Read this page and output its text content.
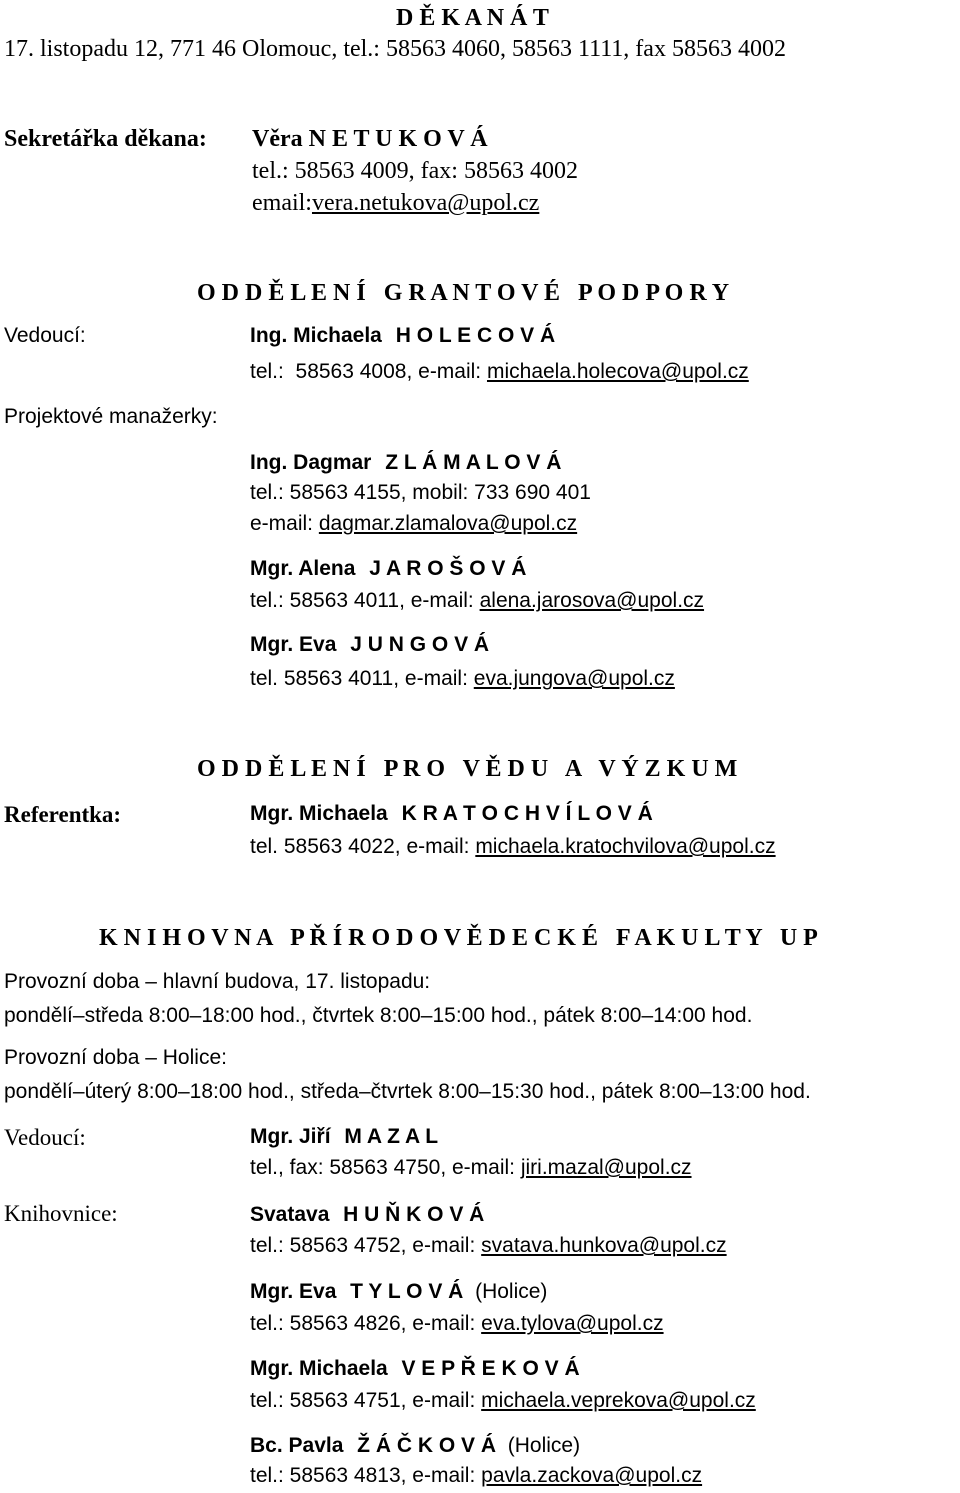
D Ě K A N Á T
17. listopadu 12, 771 46 Olomouc, tel.: 58563 4060, 58563 1111, fax 58563 4002
Sekretářka děkana: Věra N E T U K O V Á
tel.: 58563 4009, fax: 58563 4002
email:vera.netukova@upol.cz
O D D Ě L E N Í   G R A N T O V É   P O D P O R Y
Vedoucí:	Ing. Michaela H O L E C O V Á
tel.:  58563 4008, e-mail: michaela.holecova@upol.cz
Projektové manažerky:
Ing. Dagmar Z L Á M A L O V Á
tel.: 58563 4155, mobil: 733 690 401
e-mail: dagmar.zlamalova@upol.cz
Mgr. Alena J A R O Š O V Á
tel.: 58563 4011, e-mail: alena.jarosova@upol.cz
Mgr. Eva J U N G O V Á
tel. 58563 4011, e-mail: eva.jungova@upol.cz
O D D Ě L E N Í   P R O   V Ě D U   A   V Ý Z K U M
Referentka:	Mgr. Michaela K R A T O C H V Í L O V Á
tel. 58563 4022, e-mail: michaela.kratochvilova@upol.cz
K N I H O V N A   P Ř Í R O D O V Ě D E C K É   F A K U L T Y   U P
Provozní doba – hlavní budova, 17. listopadu:
pondělí–středa 8:00–18:00 hod., čtvrtek 8:00–15:00 hod., pátek 8:00–14:00 hod.
Provozní doba – Holice:
pondělí–úterý 8:00–18:00 hod., středa–čtvrtek 8:00–15:30 hod., pátek 8:00–13:00 hod.
Vedoucí:	Mgr. Jiří M A Z A L
tel., fax: 58563 4750, e-mail: jiri.mazal@upol.cz
Knihovnice:	Svatava H U Ň K O V Á
tel.: 58563 4752, e-mail: svatava.hunkova@upol.cz
Mgr. Eva T Y L O V Á (Holice)
tel.: 58563 4826, e-mail: eva.tylova@upol.cz
Mgr. Michaela V E P Ř E K O V Á
tel.: 58563 4751, e-mail: michaela.veprekova@upol.cz
Bc. Pavla Ž Á Č K O V Á (Holice)
tel.: 58563 4813, e-mail: pavla.zackova@upol.cz
